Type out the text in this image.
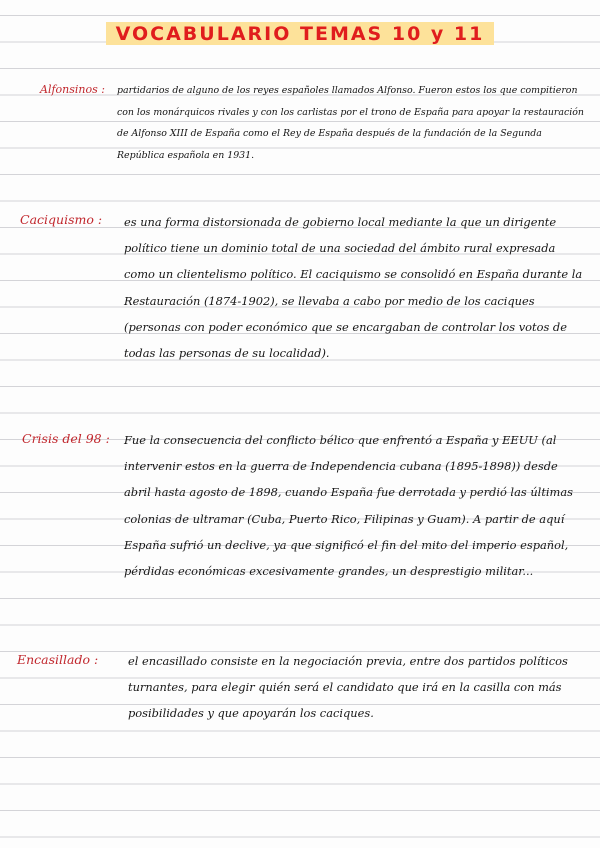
VOCABULARIO TEMAS 10 y 11
Alfonsinos : partidarios de alguno de los reyes españoles llamados Alfonso. Fueron estos los que compitieron con los monárquicos rivales y con los carlistas por el trono de España para apoyar la restauración de Alfonso XIII de España como el Rey de España después de la fundación de la Segunda República española en 1931.
Caciquismo : es una forma distorsionada de gobierno local mediante la que un dirigente político tiene un dominio total de una sociedad del ámbito rural expresada como un clientelismo político. El caciquismo se consolidó en España durante la Restauración (1874-1902), se llevaba a cabo por medio de los caciques (personas con poder económico que se encargaban de controlar los votos de todas las personas de su localidad).
Crisis del 98 : Fue la consecuencia del conflicto bélico que enfrentó a España y EEUU (al intervenir estos en la guerra de Independencia cubana (1895-1898)) desde abril hasta agosto de 1898, cuando España fue derrotada y perdió las últimas colonias de ultramar (Cuba, Puerto Rico, Filipinas y Guam). A partir de aquí España sufrió un declive, ya que significó el fin del mito del imperio español, pérdidas económicas excesivamente grandes, un desprestigio militar...
Encasillado :	el encasillado consiste en la negociación previa, entre dos partidos políticos turnantes, para elegir quién será el candidato que irá en la casilla con más posibilidades y que apoyarán los caciques.
